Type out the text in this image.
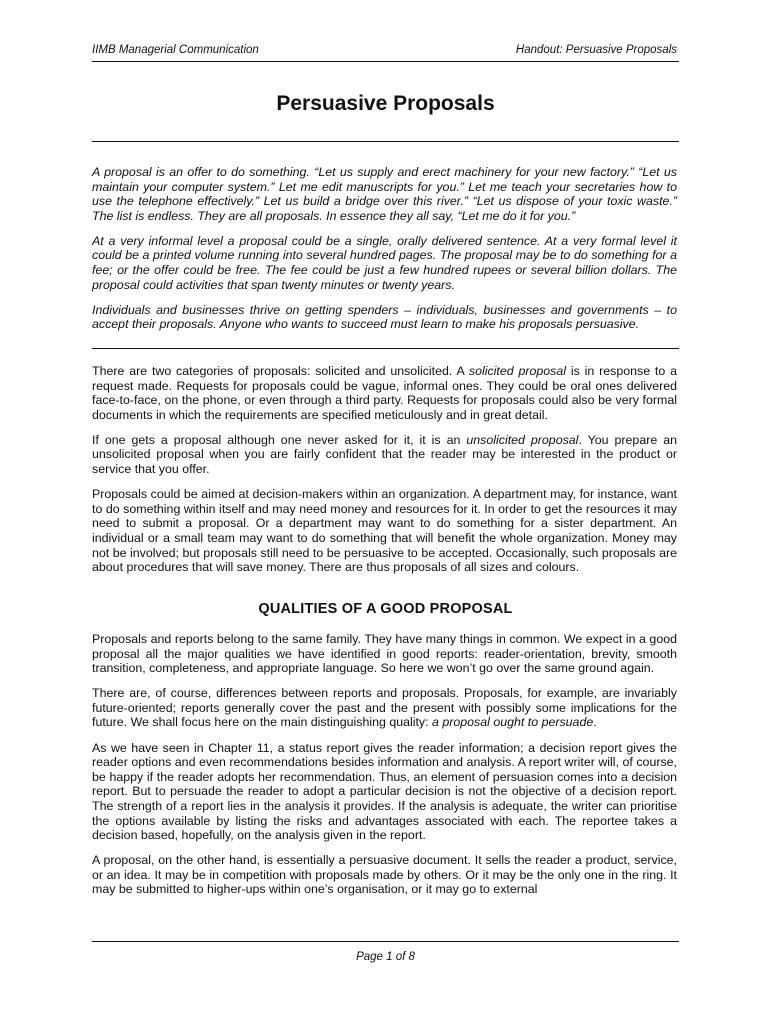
IIMB Managerial Communication	Handout: Persuasive Proposals
Persuasive Proposals

A proposal is an offer to do something. “Let us supply and erect machinery for your new factory.” “Let us maintain your computer system.” Let me edit manuscripts for you.” Let me teach your secretaries how to use the telephone effectively.” Let us build a bridge over this river.” “Let us dispose of your toxic waste.” The list is endless. They are all proposals. In essence they all say, “Let me do it for you.”

At a very informal level a proposal could be a single, orally delivered sentence. At a very formal level it could be a printed volume running into several hundred pages. The proposal may be to do something for a fee; or the offer could be free. The fee could be just a few hundred rupees or several billion dollars. The proposal could activities that span twenty minutes or twenty years.

Individuals and businesses thrive on getting spenders – individuals, businesses and governments – to accept their proposals. Anyone who wants to succeed must learn to make his proposals persuasive.

There are two categories of proposals: solicited and unsolicited. A solicited proposal is in response to a request made. Requests for proposals could be vague, informal ones. They could be oral ones delivered face-to-face, on the phone, or even through a third party. Requests for proposals could also be very formal documents in which the requirements are specified meticulously and in great detail.

If one gets a proposal although one never asked for it, it is an unsolicited proposal. You prepare an unsolicited proposal when you are fairly confident that the reader may be interested in the product or service that you offer.

Proposals could be aimed at decision-makers within an organization. A department may, for instance, want to do something within itself and may need money and resources for it. In order to get the resources it may need to submit a proposal. Or a department may want to do something for a sister department. An individual or a small team may want to do something that will benefit the whole organization. Money may not be involved; but proposals still need to be persuasive to be accepted. Occasionally, such proposals are about procedures that will save money. There are thus proposals of all sizes and colours.

QUALITIES OF A GOOD PROPOSAL

Proposals and reports belong to the same family. They have many things in common. We expect in a good proposal all the major qualities we have identified in good reports: reader-orientation, brevity, smooth transition, completeness, and appropriate language. So here we won’t go over the same ground again.

There are, of course, differences between reports and proposals. Proposals, for example, are invariably future-oriented; reports generally cover the past and the present with possibly some implications for the future. We shall focus here on the main distinguishing quality: a proposal ought to persuade.

As we have seen in Chapter 11, a status report gives the reader information; a decision report gives the reader options and even recommendations besides information and analysis. A report writer will, of course, be happy if the reader adopts her recommendation. Thus, an element of persuasion comes into a decision report. But to persuade the reader to adopt a particular decision is not the objective of a decision report. The strength of a report lies in the analysis it provides. If the analysis is adequate, the writer can prioritise the options available by listing the risks and advantages associated with each. The reportee takes a decision based, hopefully, on the analysis given in the report.

A proposal, on the other hand, is essentially a persuasive document. It sells the reader a product, service, or an idea. It may be in competition with proposals made by others. Or it may be the only one in the ring. It may be submitted to higher-ups within one’s organisation, or it may go to external

Page 1 of 8
